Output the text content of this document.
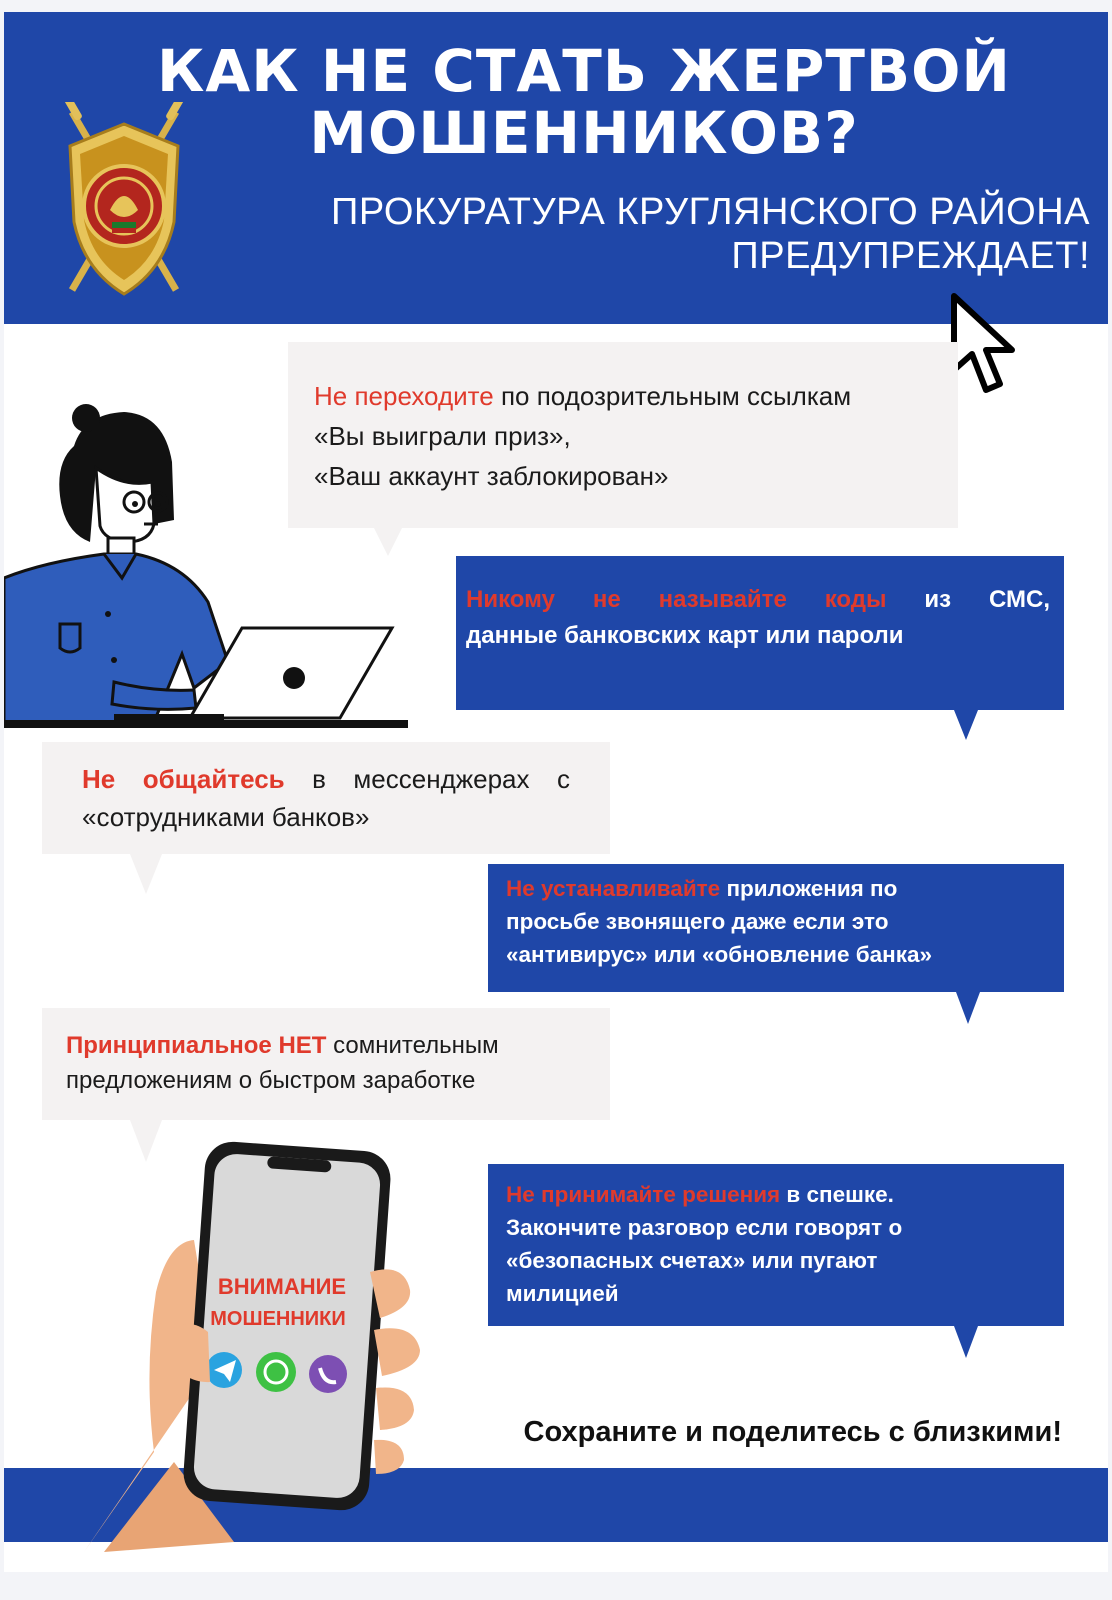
КАК НЕ СТАТЬ ЖЕРТВОЙ
МОШЕННИКОВ?
ПРОКУРАТУРА КРУГЛЯНСКОГО РАЙОНА
ПРЕДУПРЕЖДАЕТ!
Не переходите по подозрительным ссылкам
«Вы выиграли приз»,
«Ваш аккаунт заблокирован»
Никому не называйте коды из СМС,
данные банковских карт или пароли
Не общайтесь в мессенджерах с
«сотрудниками банков»
Не устанавливайте приложения по
просьбе звонящего даже если это
«антивирус» или «обновление банка»
Принципиальное НЕТ сомнительным
предложениям о быстром заработке
Не принимайте решения в спешке.
Закончите разговор если говорят о
«безопасных счетах» или пугают
милицией
Сохраните и поделитесь с близкими!
ВНИМАНИЕ
МОШЕННИКИ
